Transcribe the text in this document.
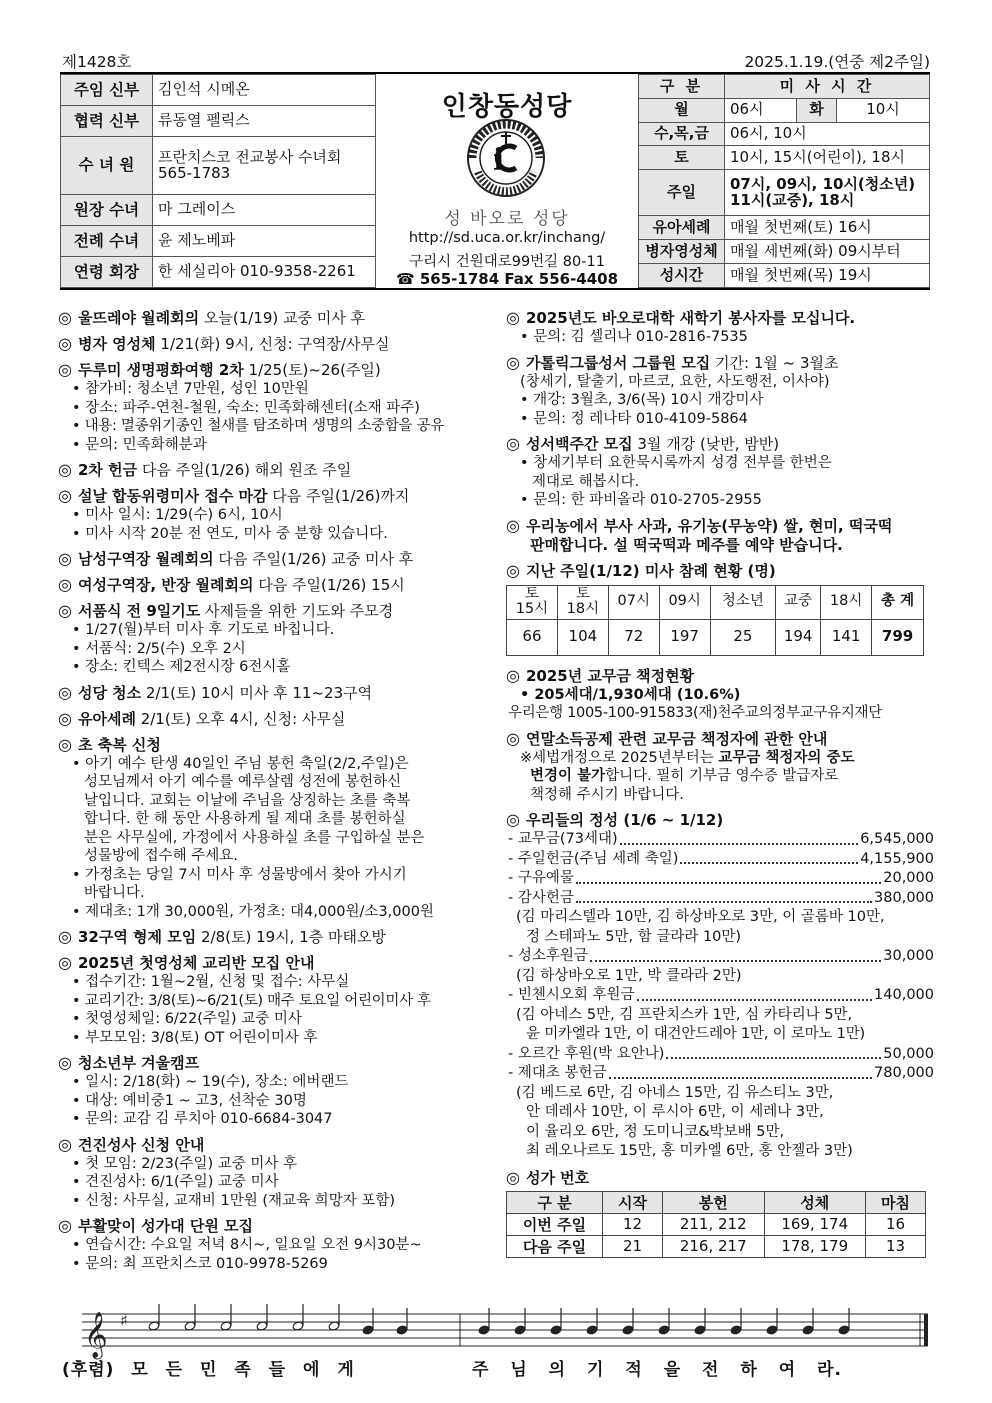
제1428호	2025.1.19.(연중 제2주일)
주임 신부	김인석 시메온
협력 신부	류동열 펠릭스
수 녀 원	프란치스코 전교봉사 수녀회
565-1783
원장 수녀	마 그레이스
전례 수녀	윤 제노베파
연령 회장	한 세실리아 010-9358-2261
인창동성당
i
성 바오로 성당
http://sd.uca.or.kr/inchang/
구리시 건원대로99번길 80-11
☎ 565-1784 Fax 556-4408
구 분	미 사 시 간		
월	06시	화	10시
수,목,금	06시, 10시		
토	10시, 15시(어린이), 18시		
주일	07시, 09시, 10시(청소년)
11시(교중), 18시		
유아세례	매월 첫번째(토) 16시		
병자영성체	매월 세번째(화) 09시부터		
성시간	매월 첫번째(목) 19시		
◎ 울뜨레야 월례회의 오늘(1/19) 교중 미사 후
◎ 병자 영성체 1/21(화) 9시, 신청: 구역장/사무실
◎ 두루미 생명평화여행 2차 1/25(토)~26(주일)
• 참가비: 청소년 7만원, 성인 10만원
• 장소: 파주-연천-철원, 숙소: 민족화해센터(소재 파주)
• 내용: 멸종위기종인 철새를 탐조하며 생명의 소중함을 공유
• 문의: 민족화해분과
◎ 2차 헌금 다음 주일(1/26) 해외 원조 주일
◎ 설날 합동위령미사 접수 마감 다음 주일(1/26)까지
• 미사 일시: 1/29(수) 6시, 10시
• 미사 시작 20분 전 연도, 미사 중 분향 있습니다.
◎ 남성구역장 월례회의 다음 주일(1/26) 교중 미사 후
◎ 여성구역장, 반장 월례회의 다음 주일(1/26) 15시
◎ 서품식 전 9일기도 사제들을 위한 기도와 주모경
• 1/27(월)부터 미사 후 기도로 바칩니다.
• 서품식: 2/5(수) 오후 2시
• 장소: 킨텍스 제2전시장 6전시홀
◎ 성당 청소 2/1(토) 10시 미사 후 11~23구역
◎ 유아세례 2/1(토) 오후 4시, 신청: 사무실
◎ 초 축복 신청
• 아기 예수 탄생 40일인 주님 봉헌 축일(2/2,주일)은
성모님께서 아기 예수를 예루살렘 성전에 봉헌하신
날입니다. 교회는 이날에 주님을 상징하는 초를 축복
합니다. 한 해 동안 사용하게 될 제대 초를 봉헌하실
분은 사무실에, 가정에서 사용하실 초를 구입하실 분은
성물방에 접수해 주세요.
• 가정초는 당일 7시 미사 후 성물방에서 찾아 가시기
바랍니다.
• 제대초: 1개 30,000원, 가정초: 대4,000원/소3,000원
◎ 32구역 형제 모임 2/8(토) 19시, 1층 마태오방
◎ 2025년 첫영성체 교리반 모집 안내
• 접수기간: 1월~2월, 신청 및 접수: 사무실
• 교리기간: 3/8(토)~6/21(토) 매주 토요일 어린이미사 후
• 첫영성체일: 6/22(주일) 교중 미사
• 부모모임: 3/8(토) OT 어린이미사 후
◎ 청소년부 겨울캠프
• 일시: 2/18(화) ~ 19(수), 장소: 에버랜드
• 대상: 예비중1 ~ 고3, 선착순 30명
• 문의: 교감 김 루치아 010-6684-3047
◎ 견진성사 신청 안내
• 첫 모임: 2/23(주일) 교중 미사 후
• 견진성사: 6/1(주일) 교중 미사
• 신청: 사무실, 교재비 1만원 (재교육 희망자 포함)
◎ 부활맞이 성가대 단원 모집
• 연습시간: 수요일 저녁 8시~, 일요일 오전 9시30분~
• 문의: 최 프란치스코 010-9978-5269
◎ 2025년도 바오로대학 새학기 봉사자를 모십니다.
• 문의: 김 셀리나 010-2816-7535
◎ 가톨릭그룹성서 그룹원 모집 기간: 1월 ~ 3월초
(창세기, 탈출기, 마르코, 요한, 사도행전, 이사야)
• 개강: 3월초, 3/6(목) 10시 개강미사
• 문의: 정 레나타 010-4109-5864
◎ 성서백주간 모집 3월 개강 (낮반, 밤반)
• 창세기부터 요한묵시록까지 성경 전부를 한번은
제대로 해봅시다.
• 문의: 한 파비올라 010-2705-2955
◎ 우리농에서 부사 사과, 유기농(무농약) 쌀, 현미, 떡국떡
판매합니다. 설 떡국떡과 메주를 예약 받습니다.
◎ 지난 주일(1/12) 미사 참례 현황 (명)
토
15시	토
18시	07시	09시	청소년	교중	18시	총 계
66	104	72	197	25	194	141	799
◎ 2025년 교무금 책정현황
• 205세대/1,930세대 (10.6%)
우리은행 1005-100-915833(재)천주교의정부교구유지재단
◎ 연말소득공제 관련 교무금 책정자에 관한 안내
※세법개정으로 2025년부터는 교무금 책정자의 중도
변경이 불가합니다. 필히 기부금 영수증 발급자로
책정해 주시기 바랍니다.
◎ 우리들의 정성 (1/6 ~ 1/12)
- 교무금(73세대)	6,545,000
- 주일헌금(주님 세례 축일)	4,155,900
- 구유예물	20,000
- 감사헌금	380,000
(김 마리스텔라 10만, 김 하상바오로 3만, 이 골롬바 10만,
정 스테파노 5만, 함 글라라 10만)
- 성소후원금	30,000
(김 하상바오로 1만, 박 클라라 2만)
- 빈첸시오회 후원금	140,000
(김 아네스 5만, 김 프란치스카 1만, 심 카타리나 5만,
윤 미카엘라 1만, 이 대건안드레아 1만, 이 로마노 1만)
- 오르간 후원(박 요안나)	50,000
- 제대초 봉헌금	780,000
(김 베드로 6만, 김 아네스 15만, 김 유스티노 3만,
안 데레사 10만, 이 루시아 6만, 이 세레나 3만,
이 율리오 6만, 정 도미니코&박보배 5만,
최 레오나르도 15만, 홍 미카엘 6만, 홍 안젤라 3만)
◎ 성가 번호
구 분	시작	봉헌	성체	마침
이번 주일	12	211, 212	169, 174	16
다음 주일	21	216, 217	178, 179	13
𝄞 ♯
(후렴) 모 든 민 족 들 에 게	주 님 의 기 적 을 전 하 여 라.
